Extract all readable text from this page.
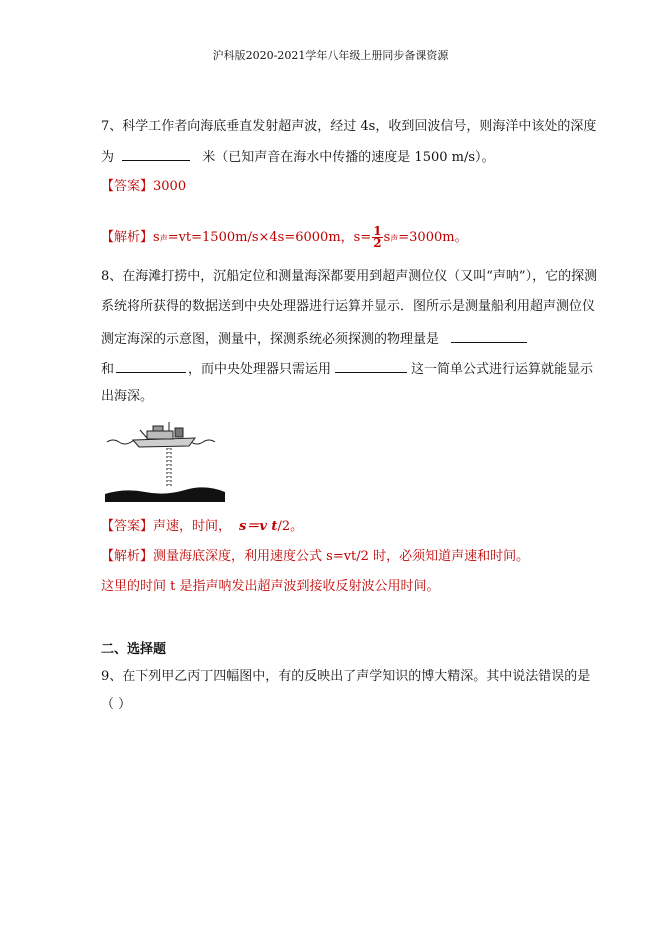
沪科版2020-2021学年八年级上册同步备课资源
7、科学工作者向海底垂直发射超声波，经过 4s，收到回波信号，则海洋中该处的深度
为	米（已知声音在海水中传播的速度是 1500 m/s）。
【答案】3000
【解析】s声=vt=1500m/s×4s=6000m，$s= \frac{1}{2}$ s声=3000m。
8、在海滩打捞中，沉船定位和测量海深都要用到超声测位仪（又叫“声呐”），它的探测
系统将所获得的数据送到中央处理器进行运算并显示．图所示是测量船利用超声测位仪
测定海深的示意图，测量中，探测系统必须探测的物理量是
和	，而中央处理器只需运用	这一简单公式进行运算就能显示
出海深。
【答案】声速，时间， s＝v t/2。
【解析】测量海底深度，利用速度公式 s=vt/2 时，必须知道声速和时间。
这里的时间 t 是指声呐发出超声波到接收反射波公用时间。
二、选择题
9、在下列甲乙丙丁四幅图中，有的反映出了声学知识的博大精深。其中说法错误的是
（ ）
